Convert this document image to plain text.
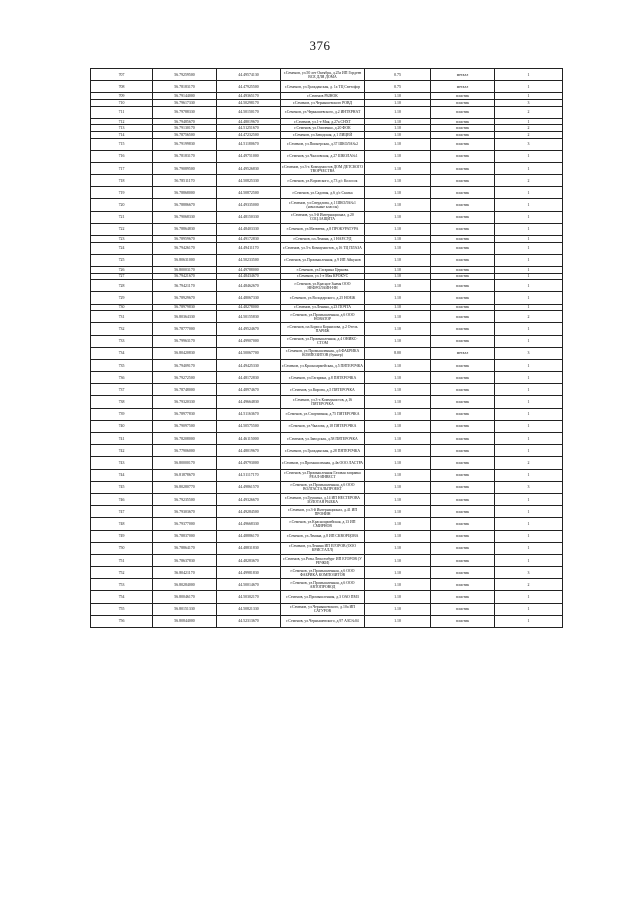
376
707	56.79259500	44.49574130	г.Семенов, ул.50 лет Октября, д.25а ИП Гордеев ВСЕ ДЛЯ ДОМА	0.75	металл	1
708	56.78183170	44.47925500	г.Семенов, ул.Гражданская, д. 1а ТЦ Светофор	0.75	металл	1
709	56.79144000	44.49365170	г.Семенов РЫНОК	1.10	пластик	1
710	56.79617330	44.50298170	г.Семенов, ул.Чернышевского РОВД	1.10	пластик	3
711	56.79788330	44.50150170	г.Семенов, ул.Чернышевского, д.2 ИНТЕРНАТ	1.10	пластик	2
712	56.79485670	44.48019670	г.Семенов, ул.1-е Мая, д.27а СНХТ	1.10	пластик	1
713	56.79130170	44.51251670	г.Семенов, ул.Осипенко, д.20 ФОК	1.10	пластик	2
714	56.78756500	44.47232500	г.Семенов, ул.Заводская, д.1 ЛИЦЕЙ	1.10	пластик	2
715	56.79199830	44.51180670	г.Семенов, ул.Пионерская, д.37 ШКОЛА№2	1.10	пластик	3
716	56.78183170	44.49751000	г.Семенов, ул.Чкаловская, д.27 ШКОЛА№1	1.10	пластик	1
717	56.79089500	44.49526830	г.Семенов, ул.3-х Коммунистов ДОМ ДЕТСКОГО ТВОРЧЕСТВА	1.10	пластик	1
718	56.78511170	44.50825330	г.Семенов, ул.Воровского, д.73 д/с Колосок	1.10	пластик	2
719	56.78868000	44.50872500	г.Семенов, ул.Садовая, д.6 д/с Сказка	1.10	пластик	1
720	56.78886670	44.49335000	г.Семенов, ул.Свердлова, д.1 ШКОЛА№1 (начальные классы)	1.10	пластик	1
721	56.79068330	44.48150330	г.Семенов, ул.3-й Интернационал, д.20 СОЦ.ЗАЩИТА	1.10	пластик	1
722	56.78864830	44.48403330	г.Семенов, ул.Матвеева, д.8 ПРОКУРАТУРА	1.10	пластик	1
723	56.78959670	44.49172830	г.Семенов, пл.Ленина, д.1 НАР.СУД	1.10	пластик	1
724	56.79426170	44.49411170	г.Семенов, ул.3-х Коммунистов, д.16 ТЦ ПЛАЗА	1.10	пластик	1
725	56.80631000	44.50233500	г.Семенов, ул.Промышленная, д.9 ИП Айкунов	1.10	пластик	1
726	56.80003170	44.49788000	г.Семенов, ул.Гагарина Церковь	1.10	пластик	1
727	56.79421670	44.48434670	г.Семенов, ул.1-е Мая КРОКУС	1.10	пластик	1
728	56.79421170	44.48462670	г.Семенов, ул.Красное Знамя ООО НЕФРОЛАЙН-НН	1.10	пластик	1
729	56.78929670	44.48067330	г.Семенов, ул.Володарского, д.25 НОЕЖ	1.10	пластик	1
730	56.78979830	44.48278000	г.Семенов, ул.Ленина, д.23 ПОЧТА	1.10	пластик	1
731	56.80364330	44.50155830	г.Семенов, ул.Промышленная, д.6 ООО НОВАТОР	1.10	пластик	2
732	56.78777000	44.49524670	г.Семенов, пл.Бориса Корнилова, д.2 Отель ПАРИЖ	1.10	пластик	1
733	56.79963170	44.49907000	г.Семенов, ул.Промышленная, д.4 ОНИКС-СТОМ	1.10	пластик	1
734	56.80420830	44.50067700	г.Семенов, ул.Промышленная, д.6 ФАБРИКА КОМПОЗИТОВ (бункер)	8.00	металл	3
735	56.79409170	44.49425330	г.Семенов, ул.Красноармейская, д.5 ПЯТЕРОЧКА	1.10	пластик	1
736	56.79272500	44.48172830	г.Семенов, ул.Гагарина, д.8 ПЯТЕРОЧКА	1.10	пластик	1
737	56.78748000	44.48974670	г.Семенов, ул.Кирова, д.5 ПЯТЕРОЧКА	1.10	пластик	1
738	56.79320330	44.49664830	г.Семенов, ул.3-х Коммунистов, д.16 ПЯТЕРОЧКА	1.10	пластик	1
739	56.78977830	44.51163670	г.Семенов, ул.Спортивная, д.75 ПЯТЕРОЧКА	1.10	пластик	1
740	56.79097500	44.50575500	г.Семенов, ул.Чкалова, д.18 ПЯТЕРОЧКА	1.10	пластик	1
741	56.78208000	44.46115000	г.Семенов, ул.Заводская, д.58 ПЯТЕРОЧКА	1.10	пластик	1
742	56.77906000	44.48019670	г.Семенов, ул.Гражданская, д.28 ПЯТЕРОЧКА	1.10	пластик	1
743	56.80000170	44.49793000	г.Семенов, ул.Промышленная, д.4в ООО ЛАСТРА	1.10	пластик	2
744	56.81878670	44.51117170	г.Семенов, ул.Промышленная Газовая заправка РЕАЛ-ИНВЕСТ	1.10	пластик	1
745	56.80280770	44.49861570	г.Семенов, ул.Промышленная, д.6 ООО ВОЛГАСТАЛЬПРОЕКТ	1.10	пластик	3
746	56.79235500	44.49326670	г.Семенов, ул.Грушина, д.14 ИП НЕСТЕРОВА ЗОЛОТАЯ РЫБКА	1.10	пластик	1
747	56.79303670	44.49284500	г.Семенов, ул.3-й Интернационал, д.41 ИП ПРОНИН	1.10	пластик	1
748	56.79377000	44.49668330	г.Семенов, ул.Красноармейская, д.13 ИП СМИРНОВ	1.10	пластик	1
749	56.78837000	44.48886170	г.Семенов, ул.Ленина, д.8 ИП СКВОРЦОВА	1.10	пластик	1
750	56.78864170	44.48831830	г.Семенов, ул.Ленина ИП ЕГОРОВ (ООО КРИСТАЛЛ)	1.10	пластик	1
751	56.78637830	44.48283670	г.Семенов, ул.Розы Люксембург ИП ЕГОРОВ (У РЕЧКИ)	1.10	пластик	1
752	56.80421170	44.49981830	г.Семенов, ул.Промышленная, д.6 ООО ФАБРИКА КОМПОЗИТОВ	1.10	пластик	3
753	56.80284000	44.50014670	г.Семенов, ул.Промышленная, д.6 ООО АВТОПРОВОД	1.10	пластик	2
754	56.80046170	44.50302170	г.Семенов, ул.Промышленная, д.3 ОАО ПМЗ	1.10	пластик	1
755	56.80151330	44.50821330	г.Семенов, ул.Чернышевского, д.10а ИП САТУРОВ	1.10	пластик	1
756	56.80844000	44.52313670	г.Семенов, ул.Чернышевского, д.97 АЗС№04	1.10	пластик	1
